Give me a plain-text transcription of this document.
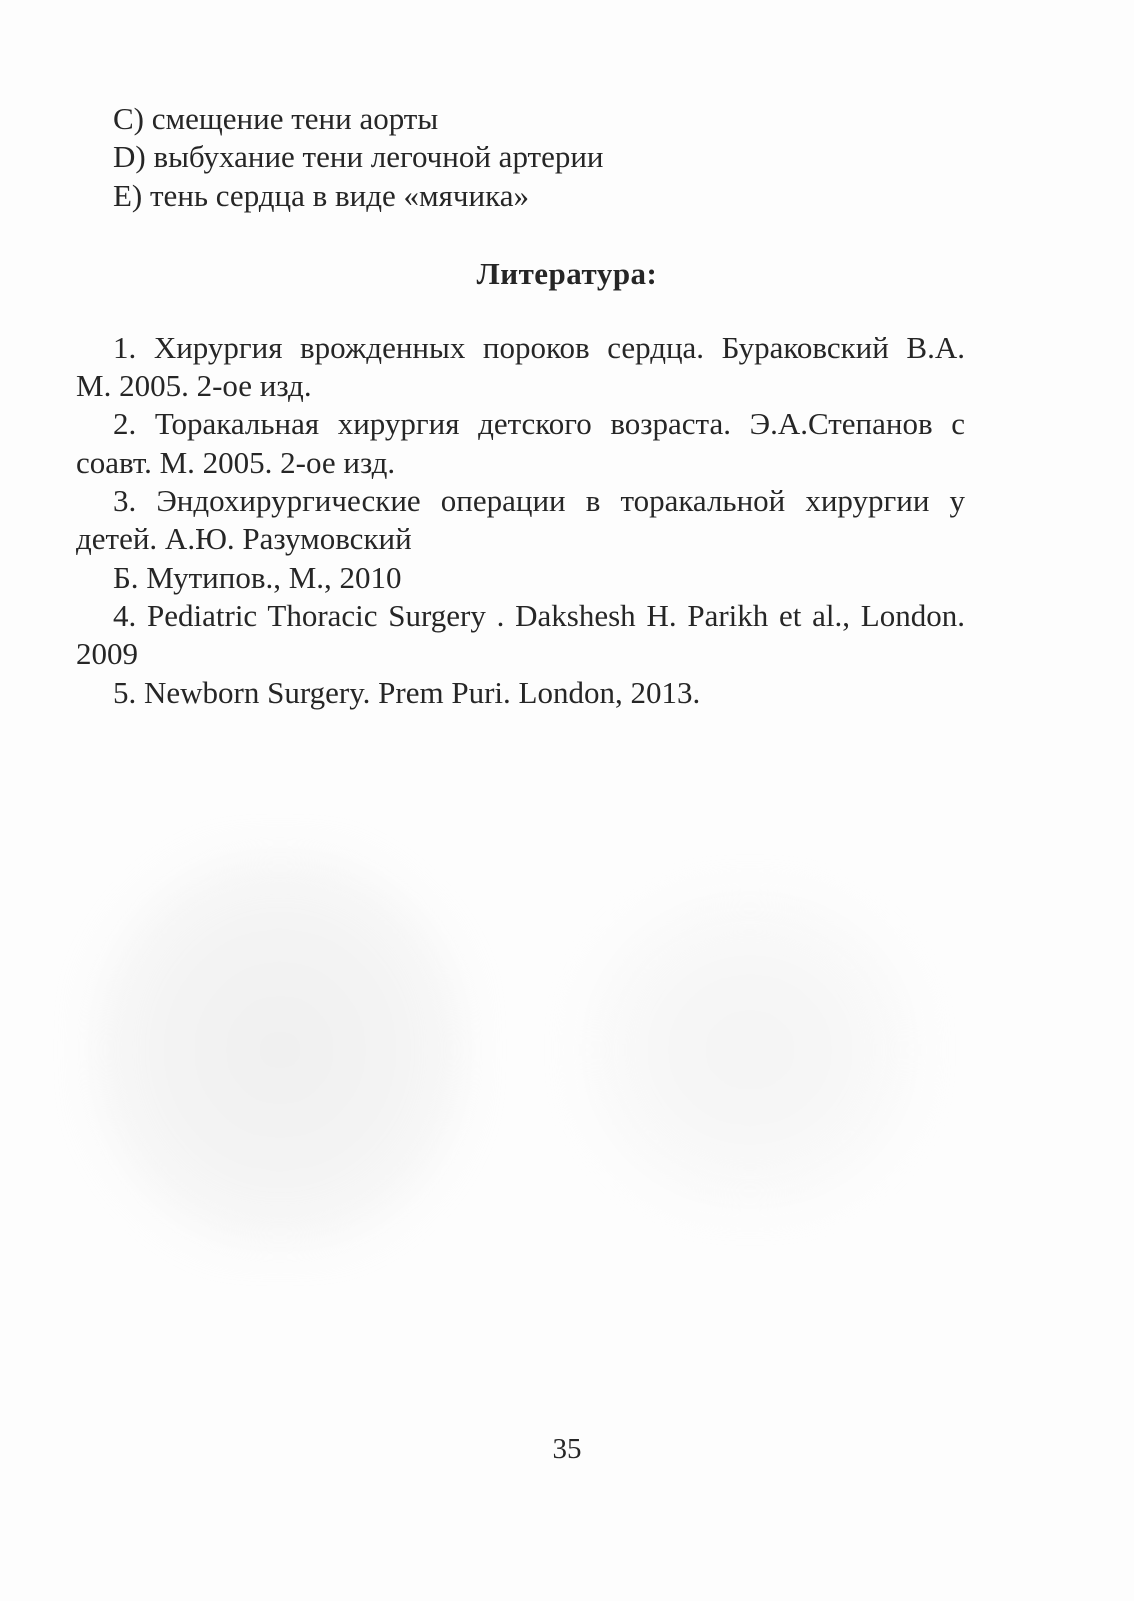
С) смещение тени аорты
D) выбухание тени легочной артерии
E) тень сердца в виде «мячика»
Литература:
1. Хирургия врожденных пороков сердца. Бураковский В.А.
М. 2005. 2-ое изд.
2. Торакальная хирургия детского возраста. Э.А.Степанов с
соавт. М. 2005. 2-ое изд.
3. Эндохирургические операции в торакальной хирургии у
детей. А.Ю. Разумовский
Б. Мутипов., М., 2010
4. Pediatric Thoracic Surgery . Dakshesh H. Parikh et al., London.
2009
5. Newborn Surgery. Prem Puri. London, 2013.
35
